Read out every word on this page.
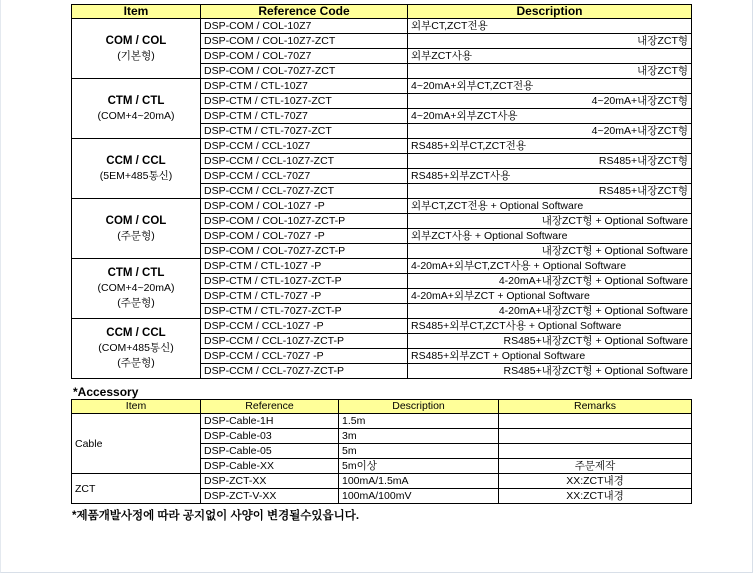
Item	Reference Code	Description

COM / COL
(기본형)	DSP-COM / COL-10Z7	외부CT,ZCT전용
	DSP-COM / COL-10Z7-ZCT	내장ZCT형
	DSP-COM / COL-70Z7	외부ZCT사용
	DSP-COM / COL-70Z7-ZCT	내장ZCT형

CTM / CTL
(COM+4~20mA)	DSP-CTM / CTL-10Z7	4~20mA+외부CT,ZCT전용
	DSP-CTM / CTL-10Z7-ZCT	4~20mA+내장ZCT형
	DSP-CTM / CTL-70Z7	4~20mA+외부ZCT사용
	DSP-CTM / CTL-70Z7-ZCT	4~20mA+내장ZCT형

CCM / CCL
(5EM+485통신)	DSP-CCM / CCL-10Z7	RS485+외부CT,ZCT전용
	DSP-CCM / CCL-10Z7-ZCT	RS485+내장ZCT형
	DSP-CCM / CCL-70Z7	RS485+외부ZCT사용
	DSP-CCM / CCL-70Z7-ZCT	RS485+내장ZCT형

COM / COL
(주문형)	DSP-COM / COL-10Z7 -P	외부CT,ZCT전용 + Optional Software
	DSP-COM / COL-10Z7-ZCT-P	내장ZCT형 + Optional Software
	DSP-COM / COL-70Z7 -P	외부ZCT사용 + Optional Software
	DSP-COM / COL-70Z7-ZCT-P	내장ZCT형 + Optional Software

CTM / CTL
(COM+4~20mA)
(주문형)	DSP-CTM / CTL-10Z7 -P	4-20mA+외부CT,ZCT사용 + Optional Software
	DSP-CTM / CTL-10Z7-ZCT-P	4-20mA+내장ZCT형 + Optional Software
	DSP-CTM / CTL-70Z7 -P	4-20mA+외부ZCT + Optional Software
	DSP-CTM / CTL-70Z7-ZCT-P	4-20mA+내장ZCT형 + Optional Software

CCM / CCL
(COM+485통신)
(주문형)	DSP-CCM / CCL-10Z7 -P	RS485+외부CT,ZCT사용 + Optional Software
	DSP-CCM / CCL-10Z7-ZCT-P	RS485+내장ZCT형 + Optional Software
	DSP-CCM / CCL-70Z7 -P	RS485+외부ZCT + Optional Software
	DSP-CCM / CCL-70Z7-ZCT-P	RS485+내장ZCT형 + Optional Software
*Accessory
Item	Reference	Description	Remarks
Cable	DSP-Cable-1H	1.5m	
	DSP-Cable-03	3m	
	DSP-Cable-05	5m	
	DSP-Cable-XX	5m이상	주문제작
ZCT	DSP-ZCT-XX	100mA/1.5mA	XX:ZCT내경
	DSP-ZCT-V-XX	100mA/100mV	XX:ZCT내경
*제품개발사정에 따라 공지없이 사양이 변경될수있읍니다.
